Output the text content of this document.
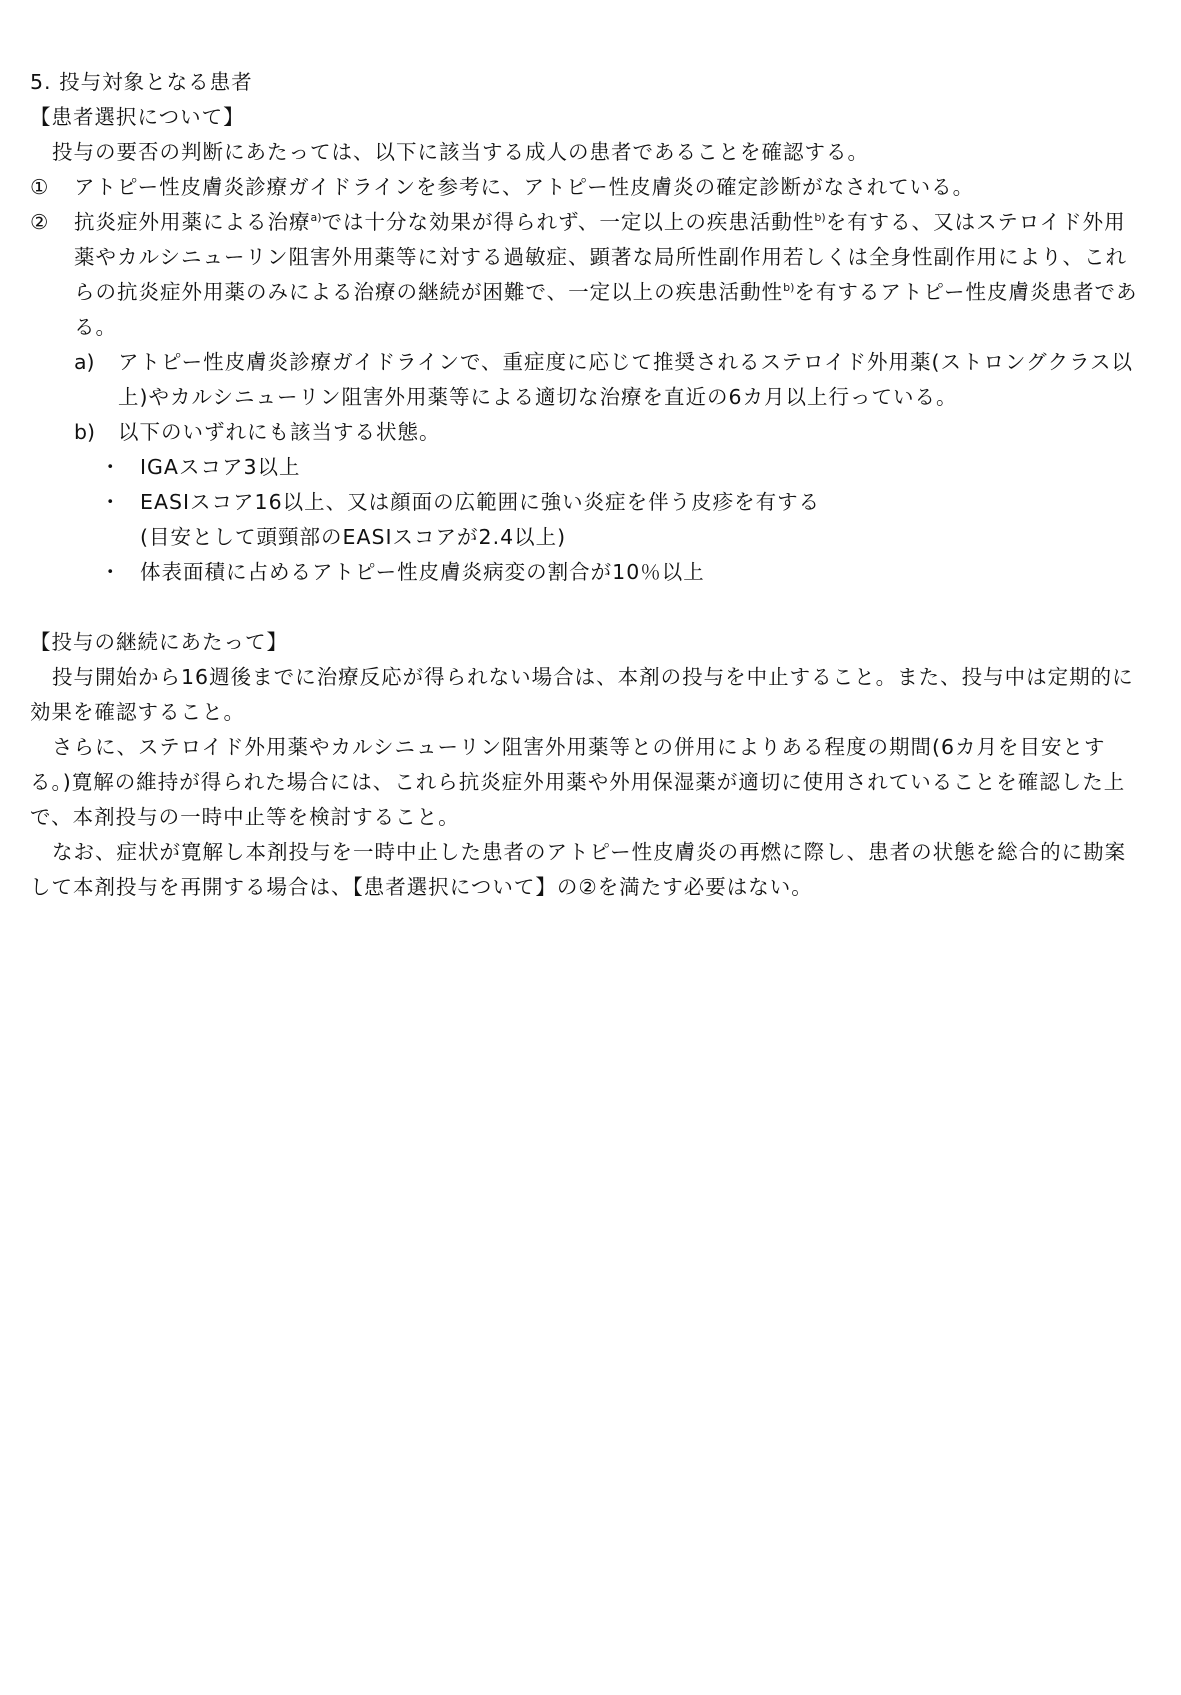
5. 投与対象となる患者
【患者選択について】
投与の要否の判断にあたっては、以下に該当する成人の患者であることを確認する。
① アトピー性皮膚炎診療ガイドラインを参考に、アトピー性皮膚炎の確定診断がなされている。
② 抗炎症外用薬による治療$^{a)}$では十分な効果が得られず、一定以上の疾患活動性$^{b)}$を有する、又はステロイド外用
薬やカルシニューリン阻害外用薬等に対する過敏症、顕著な局所性副作用若しくは全身性副作用により、これ
らの抗炎症外用薬のみによる治療の継続が困難で、一定以上の疾患活動性$^{b)}$を有するアトピー性皮膚炎患者であ
る。
a) アトピー性皮膚炎診療ガイドラインで、重症度に応じて推奨されるステロイド外用薬(ストロングクラス以
上)やカルシニューリン阻害外用薬等による適切な治療を直近の6カ月以上行っている。
b) 以下のいずれにも該当する状態。
・ IGAスコア3以上
・ EASIスコア16以上、又は顔面の広範囲に強い炎症を伴う皮疹を有する
(目安として頭頸部のEASIスコアが2.4以上)
・ 体表面積に占めるアトピー性皮膚炎病変の割合が10％以上
【投与の継続にあたって】
投与開始から16週後までに治療反応が得られない場合は、本剤の投与を中止すること。また、投与中は定期的に
効果を確認すること。
さらに、ステロイド外用薬やカルシニューリン阻害外用薬等との併用によりある程度の期間(6カ月を目安とす
る。)寛解の維持が得られた場合には、これら抗炎症外用薬や外用保湿薬が適切に使用されていることを確認した上
で、本剤投与の一時中止等を検討すること。
なお、症状が寛解し本剤投与を一時中止した患者のアトピー性皮膚炎の再燃に際し、患者の状態を総合的に勘案
して本剤投与を再開する場合は、【患者選択について】の②を満たす必要はない。
